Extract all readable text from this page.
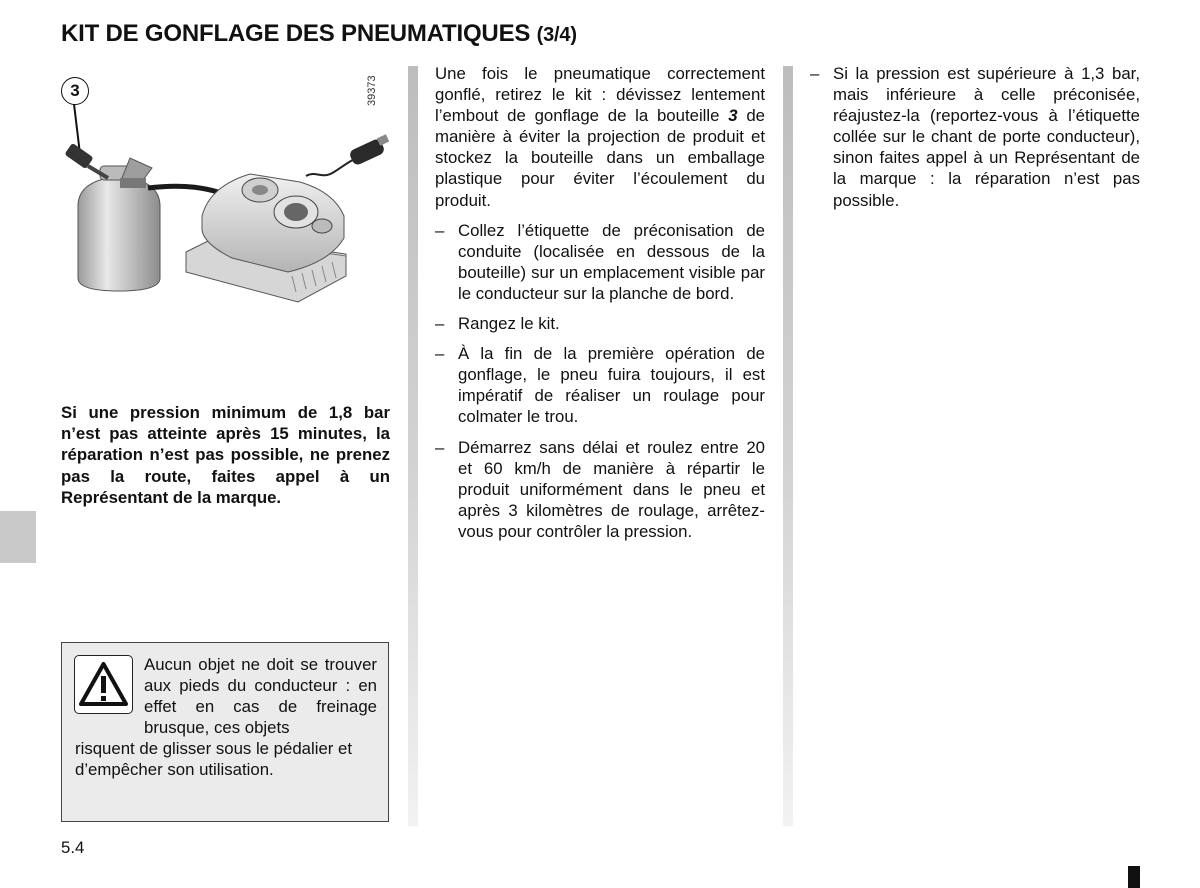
KIT DE GONFLAGE DES PNEUMATIQUES (3/4)
3	39373
Si une pression minimum de 1,8 bar n’est pas atteinte après 15 minutes, la réparation n’est pas possible, ne prenez pas la route, faites appel à un Représentant de la marque.
Aucun objet ne doit se trouver aux pieds du conducteur : en effet en cas de freinage brusque, ces objets
risquent de glisser sous le pédalier et d’empêcher son utilisation.

Une fois le pneumatique correctement gonflé, retirez le kit : dévissez lentement l’embout de gonflage de la bouteille 3 de manière à éviter la projection de produit et stockez la bouteille dans un emballage plastique pour éviter l’écoulement du produit.

– Collez l’étiquette de préconisation de conduite (localisée en dessous de la bouteille) sur un emplacement visible par le conducteur sur la planche de bord.

– Rangez le kit.

– À la fin de la première opération de gonflage, le pneu fuira toujours, il est impératif de réaliser un roulage pour colmater le trou.

– Démarrez sans délai et roulez entre 20 et 60 km/h de manière à répartir le produit uniformément dans le pneu et après 3 kilomètres de roulage, arrêtez-vous pour contrôler la pression.

– Si la pression est supérieure à 1,3 bar, mais inférieure à celle préconisée, réajustez-la (reportez-vous à l’étiquette collée sur le chant de porte conducteur), sinon faites appel à un Représentant de la marque : la réparation n’est pas possible.

5.4
